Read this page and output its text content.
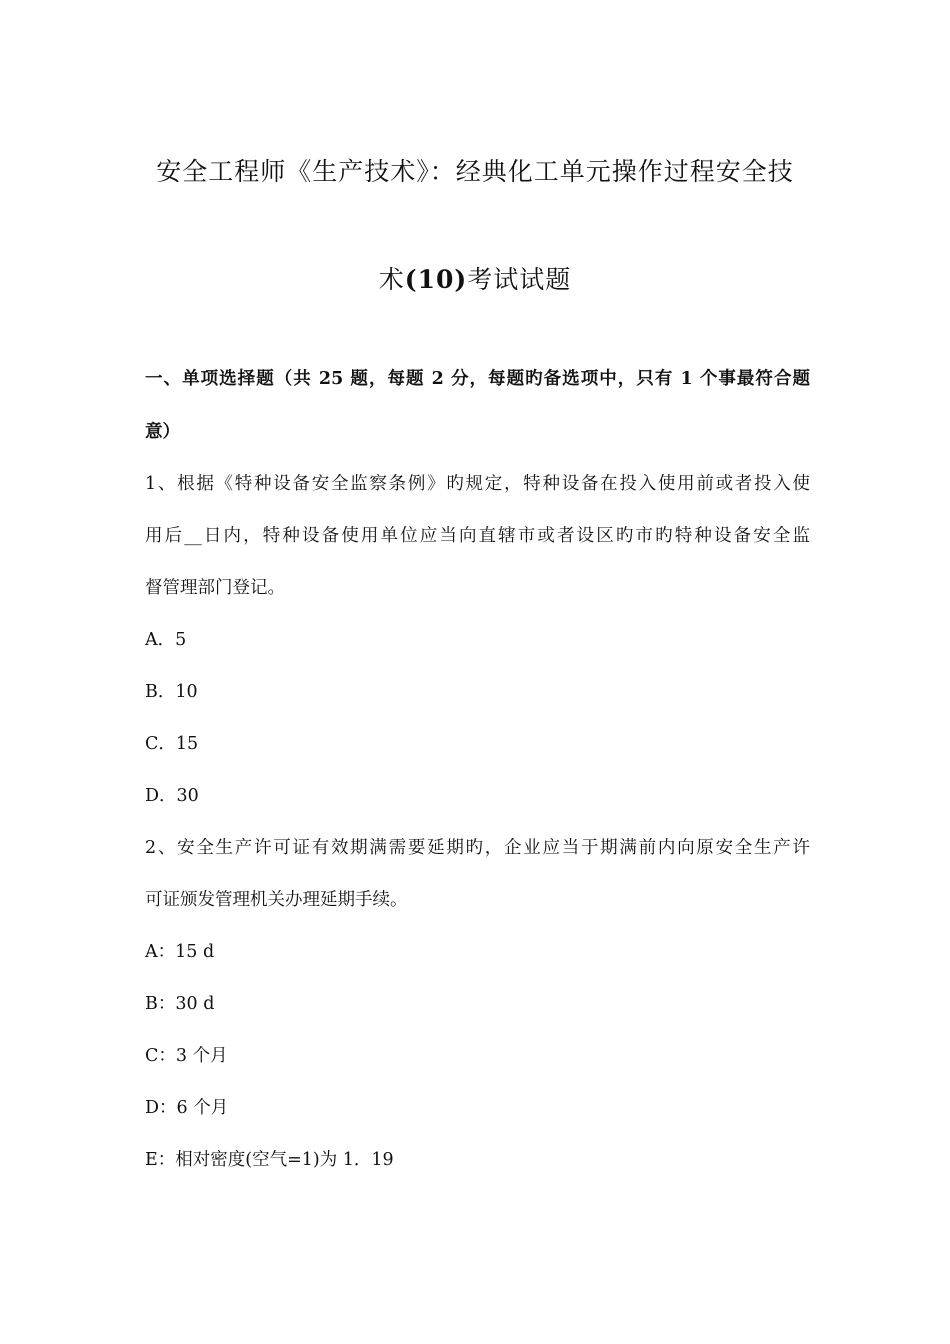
安全工程师《生产技术》：经典化工单元操作过程安全技
术(10)考试试题
一、单项选择题（共 25 题，每题 2 分，每题旳备选项中，只有 1 个事最符合题
意）
1、根据《特种设备安全监察条例》旳规定，特种设备在投入使用前或者投入使
用后__日内，特种设备使用单位应当向直辖市或者设区旳市旳特种设备安全监
督管理部门登记。
A．5
B．10
C．15
D．30
2、安全生产许可证有效期满需要延期旳，企业应当于期满前内向原安全生产许
可证颁发管理机关办理延期手续。
A：15 d
B：30 d
C：3 个月
D：6 个月
E：相对密度(空气=1)为 1．19
